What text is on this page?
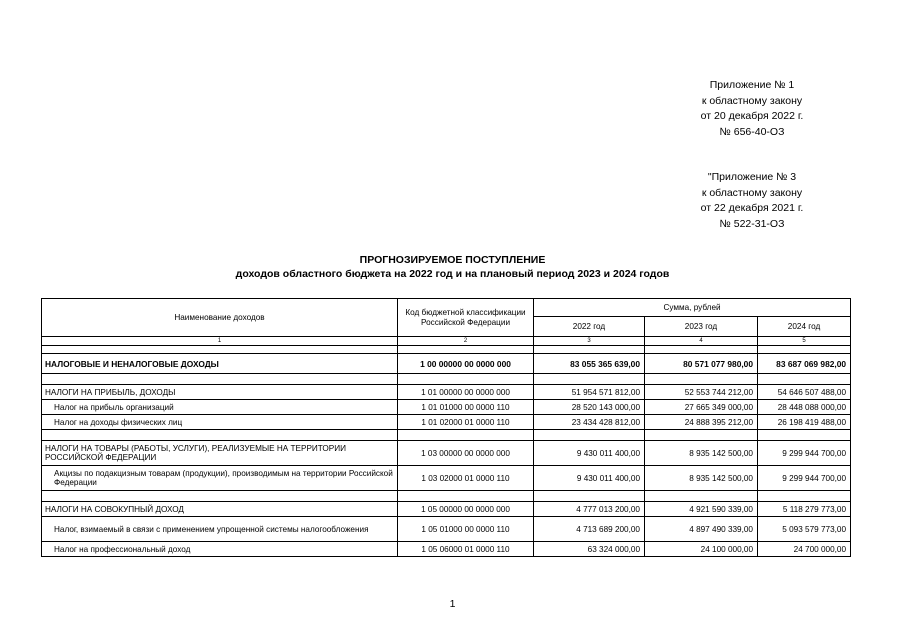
Приложение № 1
к областному закону
от 20 декабря 2022 г.
№ 656-40-ОЗ
"Приложение № 3
к областному закону
от 22 декабря 2021 г.
№ 522-31-ОЗ
ПРОГНОЗИРУЕМОЕ ПОСТУПЛЕНИЕ
доходов областного бюджета на 2022 год и на плановый период 2023 и 2024 годов
Наименование доходов	Код бюджетной классификации Российской Федерации	Сумма, рублей		
		2022 год	2023 год	2024 год
1	2	3	4	5

НАЛОГОВЫЕ И НЕНАЛОГОВЫЕ ДОХОДЫ	1 00 00000 00 0000 000	83 055 365 639,00	80 571 077 980,00	83 687 069 982,00

НАЛОГИ НА ПРИБЫЛЬ, ДОХОДЫ	1 01 00000 00 0000 000	51 954 571 812,00	52 553 744 212,00	54 646 507 488,00
Налог на прибыль организаций	1 01 01000 00 0000 110	28 520 143 000,00	27 665 349 000,00	28 448 088 000,00
Налог на доходы физических лиц	1 01 02000 01 0000 110	23 434 428 812,00	24 888 395 212,00	26 198 419 488,00

НАЛОГИ НА ТОВАРЫ (РАБОТЫ, УСЛУГИ), РЕАЛИЗУЕМЫЕ НА ТЕРРИТОРИИ РОССИЙСКОЙ ФЕДЕРАЦИИ	1 03 00000 00 0000 000	9 430 011 400,00	8 935 142 500,00	9 299 944 700,00
Акцизы по подакцизным товарам (продукции), производимым на территории Российской Федерации	1 03 02000 01 0000 110	9 430 011 400,00	8 935 142 500,00	9 299 944 700,00

НАЛОГИ НА СОВОКУПНЫЙ ДОХОД	1 05 00000 00 0000 000	4 777 013 200,00	4 921 590 339,00	5 118 279 773,00
Налог, взимаемый в связи с применением упрощенной системы налогообложения	1 05 01000 00 0000 110	4 713 689 200,00	4 897 490 339,00	5 093 579 773,00
Налог на профессиональный доход	1 05 06000 01 0000 110	63 324 000,00	24 100 000,00	24 700 000,00
1
